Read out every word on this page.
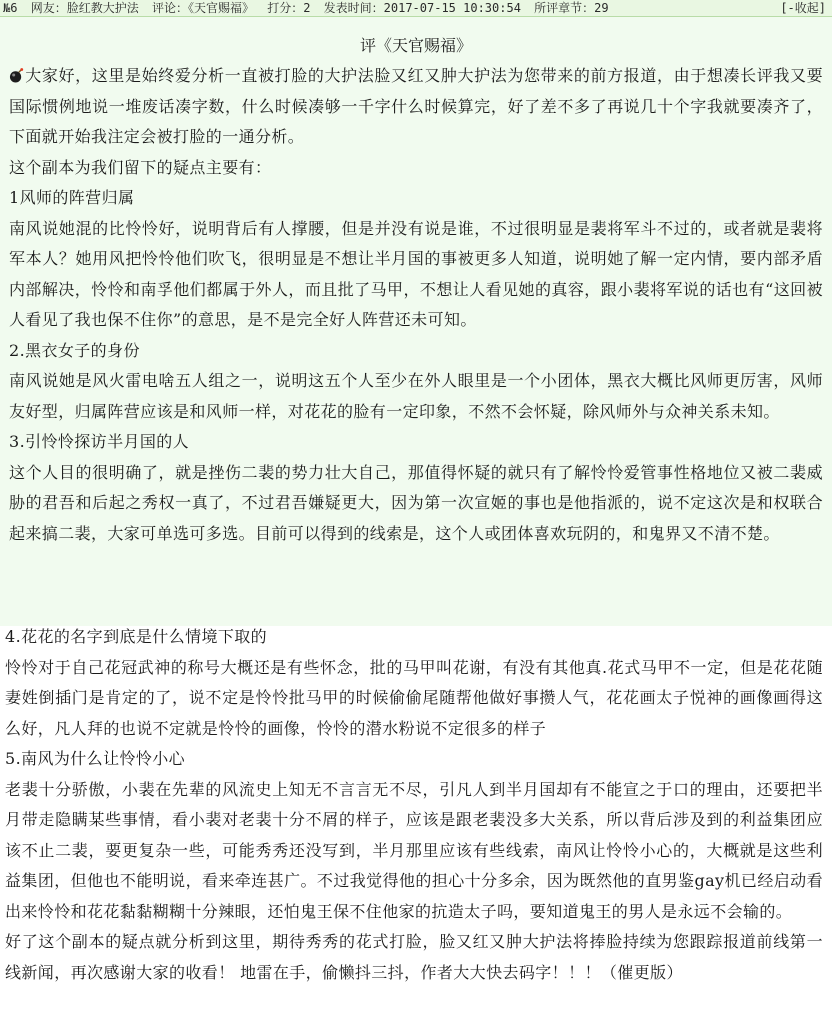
№6 网友：脸红教大护法 评论：《天官赐福》 打分：2 发表时间：2017-07-15 10:30:54 所评章节：29	[-收起]
评《天官赐福》

大家好，这里是始终爱分析一直被打脸的大护法脸又红又肿大护法为您带来的前方报道，由于想凑长评我又要国际惯例地说一堆废话凑字数，什么时候凑够一千字什么时候算完，好了差不多了再说几十个字我就要凑齐了，下面就开始我注定会被打脸的一通分析。

这个副本为我们留下的疑点主要有：

1风师的阵营归属

南风说她混的比怜怜好，说明背后有人撑腰，但是并没有说是谁，不过很明显是裴将军斗不过的，或者就是裴将军本人？她用风把怜怜他们吹飞，很明显是不想让半月国的事被更多人知道，说明她了解一定内情，要内部矛盾内部解决，怜怜和南孚他们都属于外人，而且批了马甲，不想让人看见她的真容，跟小裴将军说的话也有“这回被人看见了我也保不住你”的意思，是不是完全好人阵营还未可知。

2.黑衣女子的身份

南风说她是风火雷电啥五人组之一，说明这五个人至少在外人眼里是一个小团体，黑衣大概比风师更厉害，风师友好型，归属阵营应该是和风师一样，对花花的脸有一定印象，不然不会怀疑，除风师外与众神关系未知。

3.引怜怜探访半月国的人

这个人目的很明确了，就是挫伤二裴的势力壮大自己，那值得怀疑的就只有了解怜怜爱管事性格地位又被二裴威胁的君吾和后起之秀权一真了，不过君吾嫌疑更大，因为第一次宣姬的事也是他指派的，说不定这次是和权联合起来搞二裴，大家可单选可多选。目前可以得到的线索是，这个人或团体喜欢玩阴的，和鬼界又不清不楚。

4.花花的名字到底是什么情境下取的

怜怜对于自己花冠武神的称号大概还是有些怀念，批的马甲叫花谢，有没有其他真.花式马甲不一定，但是花花随妻姓倒插门是肯定的了，说不定是怜怜批马甲的时候偷偷尾随帮他做好事攒人气，花花画太子悦神的画像画得这么好，凡人拜的也说不定就是怜怜的画像，怜怜的潜水粉说不定很多的样子

5.南风为什么让怜怜小心

老裴十分骄傲，小裴在先辈的风流史上知无不言言无不尽，引凡人到半月国却有不能宣之于口的理由，还要把半月带走隐瞒某些事情，看小裴对老裴十分不屑的样子，应该是跟老裴没多大关系，所以背后涉及到的利益集团应该不止二裴，要更复杂一些，可能秀秀还没写到，半月那里应该有些线索，南风让怜怜小心的，大概就是这些利益集团，但他也不能明说，看来牵连甚广。不过我觉得他的担心十分多余，因为既然他的直男鉴gay机已经启动看出来怜怜和花花黏黏糊糊十分辣眼，还怕鬼王保不住他家的抗造太子吗，要知道鬼王的男人是永远不会输的。

好了这个副本的疑点就分析到这里，期待秀秀的花式打脸，脸又红又肿大护法将捧脸持续为您跟踪报道前线第一线新闻，再次感谢大家的收看！ 地雷在手，偷懒抖三抖，作者大大快去码字！！！（催更版）
